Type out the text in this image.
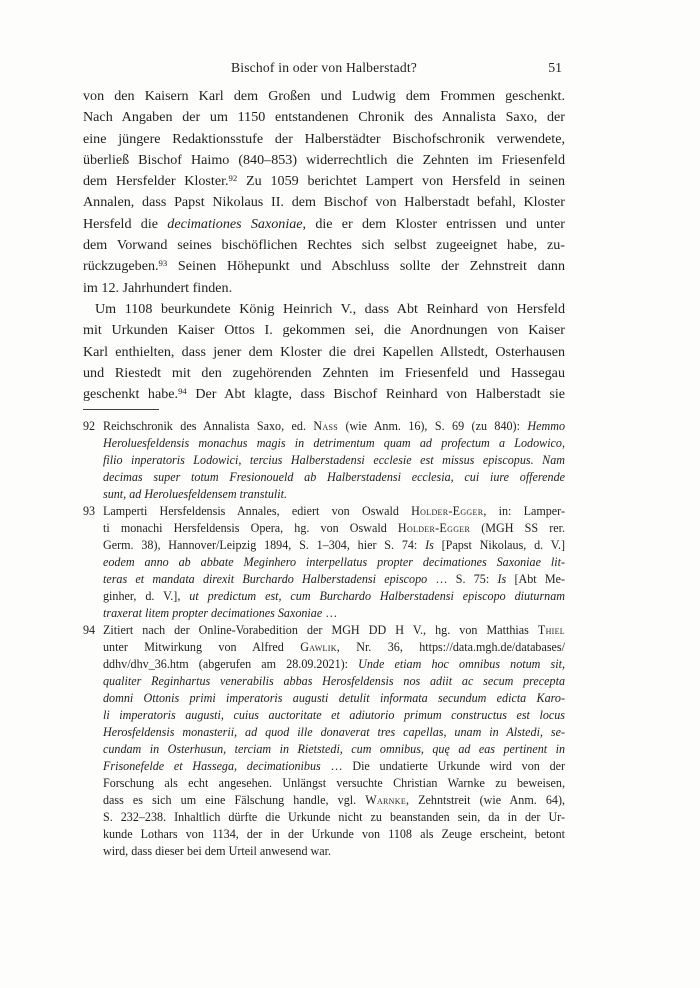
Bischof in oder von Halberstadt?	51
von den Kaisern Karl dem Großen und Ludwig dem Frommen geschenkt.
Nach Angaben der um 1150 entstandenen Chronik des Annalista Saxo, der
eine jüngere Redaktionsstufe der Halberstädter Bischofschronik verwendete,
überließ Bischof Haimo (840–853) widerrechtlich die Zehnten im Friesenfeld
dem Hersfelder Kloster.$^{92}$ Zu 1059 berichtet Lampert von Hersfeld in seinen
Annalen, dass Papst Nikolaus II. dem Bischof von Halberstadt befahl, Kloster
Hersfeld die decimationes Saxoniae, die er dem Kloster entrissen und unter
dem Vorwand seines bischöflichen Rechtes sich selbst zugeeignet habe, zu-
rückzugeben.$^{93}$ Seinen Höhepunkt und Abschluss sollte der Zehnstreit dann
im 12. Jahrhundert finden.
Um 1108 beurkundete König Heinrich V., dass Abt Reinhard von Hersfeld
mit Urkunden Kaiser Ottos I. gekommen sei, die Anordnungen von Kaiser
Karl enthielten, dass jener dem Kloster die drei Kapellen Allstedt, Osterhausen
und Riestedt mit den zugehörenden Zehnten im Friesenfeld und Hassegau
geschenkt habe.$^{94}$ Der Abt klagte, dass Bischof Reinhard von Halberstadt sie
92 Reichschronik des Annalista Saxo, ed. Nass (wie Anm. 16), S. 69 (zu 840): Hemmo
Heroluesfeldensis monachus magis in detrimentum quam ad profectum a Lodowico,
filio inperatoris Lodowici, tercius Halberstadensi ecclesie est missus episcopus. Nam
decimas super totum Fresionoueld ab Halberstadensi ecclesia, cui iure offerende
sunt, ad Heroluesfeldensem transtulit.
93 Lamperti Hersfeldensis Annales, ediert von Oswald Holder-Egger, in: Lamper-
ti monachi Hersfeldensis Opera, hg. von Oswald Holder-Egger (MGH SS rer.
Germ. 38), Hannover/Leipzig 1894, S. 1–304, hier S. 74: Is [Papst Nikolaus, d. V.]
eodem anno ab abbate Meginhero interpellatus propter decimationes Saxoniae lit-
teras et mandata direxit Burchardo Halberstadensi episcopo … S. 75: Is [Abt Me-
ginher, d. V.], ut predictum est, cum Burchardo Halberstadensi episcopo diuturnam
traxerat litem propter decimationes Saxoniae …
94 Zitiert nach der Online-Vorabedition der MGH DD H V., hg. von Matthias Thiel
unter Mitwirkung von Alfred Gawlik, Nr. 36, https://data.mgh.de/databases/
ddhv/dhv_36.htm (abgerufen am 28.09.2021): Unde etiam hoc omnibus notum sit,
qualiter Reginhartus venerabilis abbas Herosfeldensis nos adiit ac secum precepta
domni Ottonis primi imperatoris augusti detulit informata secundum edicta Karo-
li imperatoris augusti, cuius auctoritate et adiutorio primum constructus est locus
Herosfeldensis monasterii, ad quod ille donaverat tres capellas, unam in Alstedi, se-
cundam in Osterhusun, terciam in Rietstedi, cum omnibus, quę ad eas pertinent in
Frisonefelde et Hassega, decimationibus … Die undatierte Urkunde wird von der
Forschung als echt angesehen. Unlängst versuchte Christian Warnke zu beweisen,
dass es sich um eine Fälschung handle, vgl. Warnke, Zehntstreit (wie Anm. 64),
S. 232–238. Inhaltlich dürfte die Urkunde nicht zu beanstanden sein, da in der Ur-
kunde Lothars von 1134, der in der Urkunde von 1108 als Zeuge erscheint, betont
wird, dass dieser bei dem Urteil anwesend war.
